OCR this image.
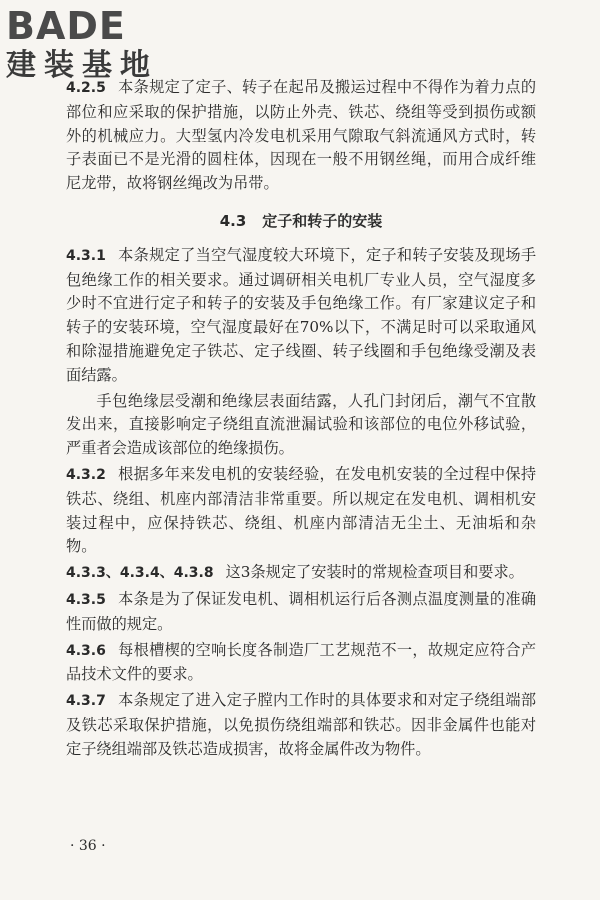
BADE
建装基地

4.2.5 本条规定了定子、转子在起吊及搬运过程中不得作为着力点的部位和应采取的保护措施，以防止外壳、铁芯、绕组等受到损伤或额外的机械应力。大型氢内冷发电机采用气隙取气斜流通风方式时，转子表面已不是光滑的圆柱体，因现在一般不用钢丝绳，而用合成纤维尼龙带，故将钢丝绳改为吊带。

4.3 定子和转子的安装

4.3.1 本条规定了当空气湿度较大环境下，定子和转子安装及现场手包绝缘工作的相关要求。通过调研相关电机厂专业人员，空气湿度多少时不宜进行定子和转子的安装及手包绝缘工作。有厂家建议定子和转子的安装环境，空气湿度最好在70%以下，不满足时可以采取通风和除湿措施避免定子铁芯、定子线圈、转子线圈和手包绝缘受潮及表面结露。

手包绝缘层受潮和绝缘层表面结露，人孔门封闭后，潮气不宜散发出来，直接影响定子绕组直流泄漏试验和该部位的电位外移试验，严重者会造成该部位的绝缘损伤。

4.3.2 根据多年来发电机的安装经验，在发电机安装的全过程中保持铁芯、绕组、机座内部清洁非常重要。所以规定在发电机、调相机安装过程中，应保持铁芯、绕组、机座内部清洁无尘土、无油垢和杂物。

4.3.3、4.3.4、4.3.8 这3条规定了安装时的常规检查项目和要求。

4.3.5 本条是为了保证发电机、调相机运行后各测点温度测量的准确性而做的规定。

4.3.6 每根槽楔的空响长度各制造厂工艺规范不一，故规定应符合产品技术文件的要求。

4.3.7 本条规定了进入定子膛内工作时的具体要求和对定子绕组端部及铁芯采取保护措施，以免损伤绕组端部和铁芯。因非金属件也能对定子绕组端部及铁芯造成损害，故将金属件改为物件。

· 36 ·
